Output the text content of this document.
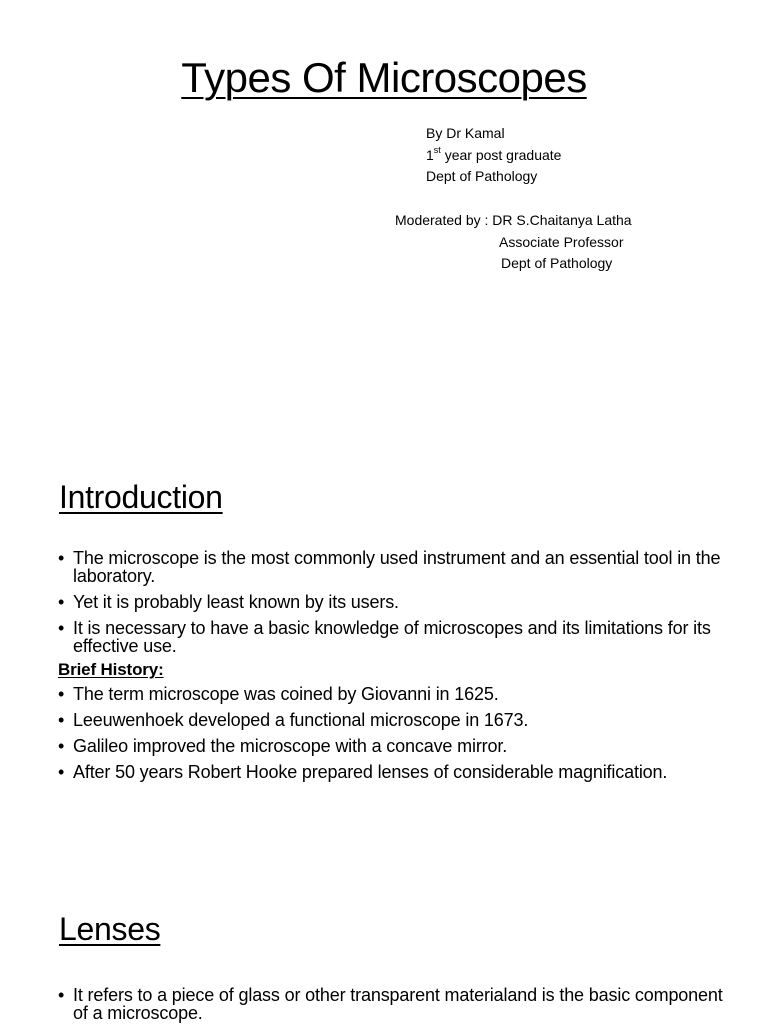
Types Of Microscopes
By Dr Kamal
1st year post graduate
Dept of Pathology
Moderated by : DR S.Chaitanya Latha
Associate Professor
Dept of Pathology
Introduction
• The microscope is the most commonly used instrument and an essential tool in the laboratory.
• Yet it is probably least known by its users.
• It is necessary to have a basic knowledge of microscopes and its limitations for its effective use.
Brief History:
• The term microscope was coined by Giovanni in 1625.
• Leeuwenhoek developed a functional microscope in 1673.
• Galileo improved the microscope with a concave mirror.
• After 50 years Robert Hooke prepared lenses of considerable magnification.
Lenses
• It refers to a piece of glass or other transparent materialand is the basic component of a microscope.
